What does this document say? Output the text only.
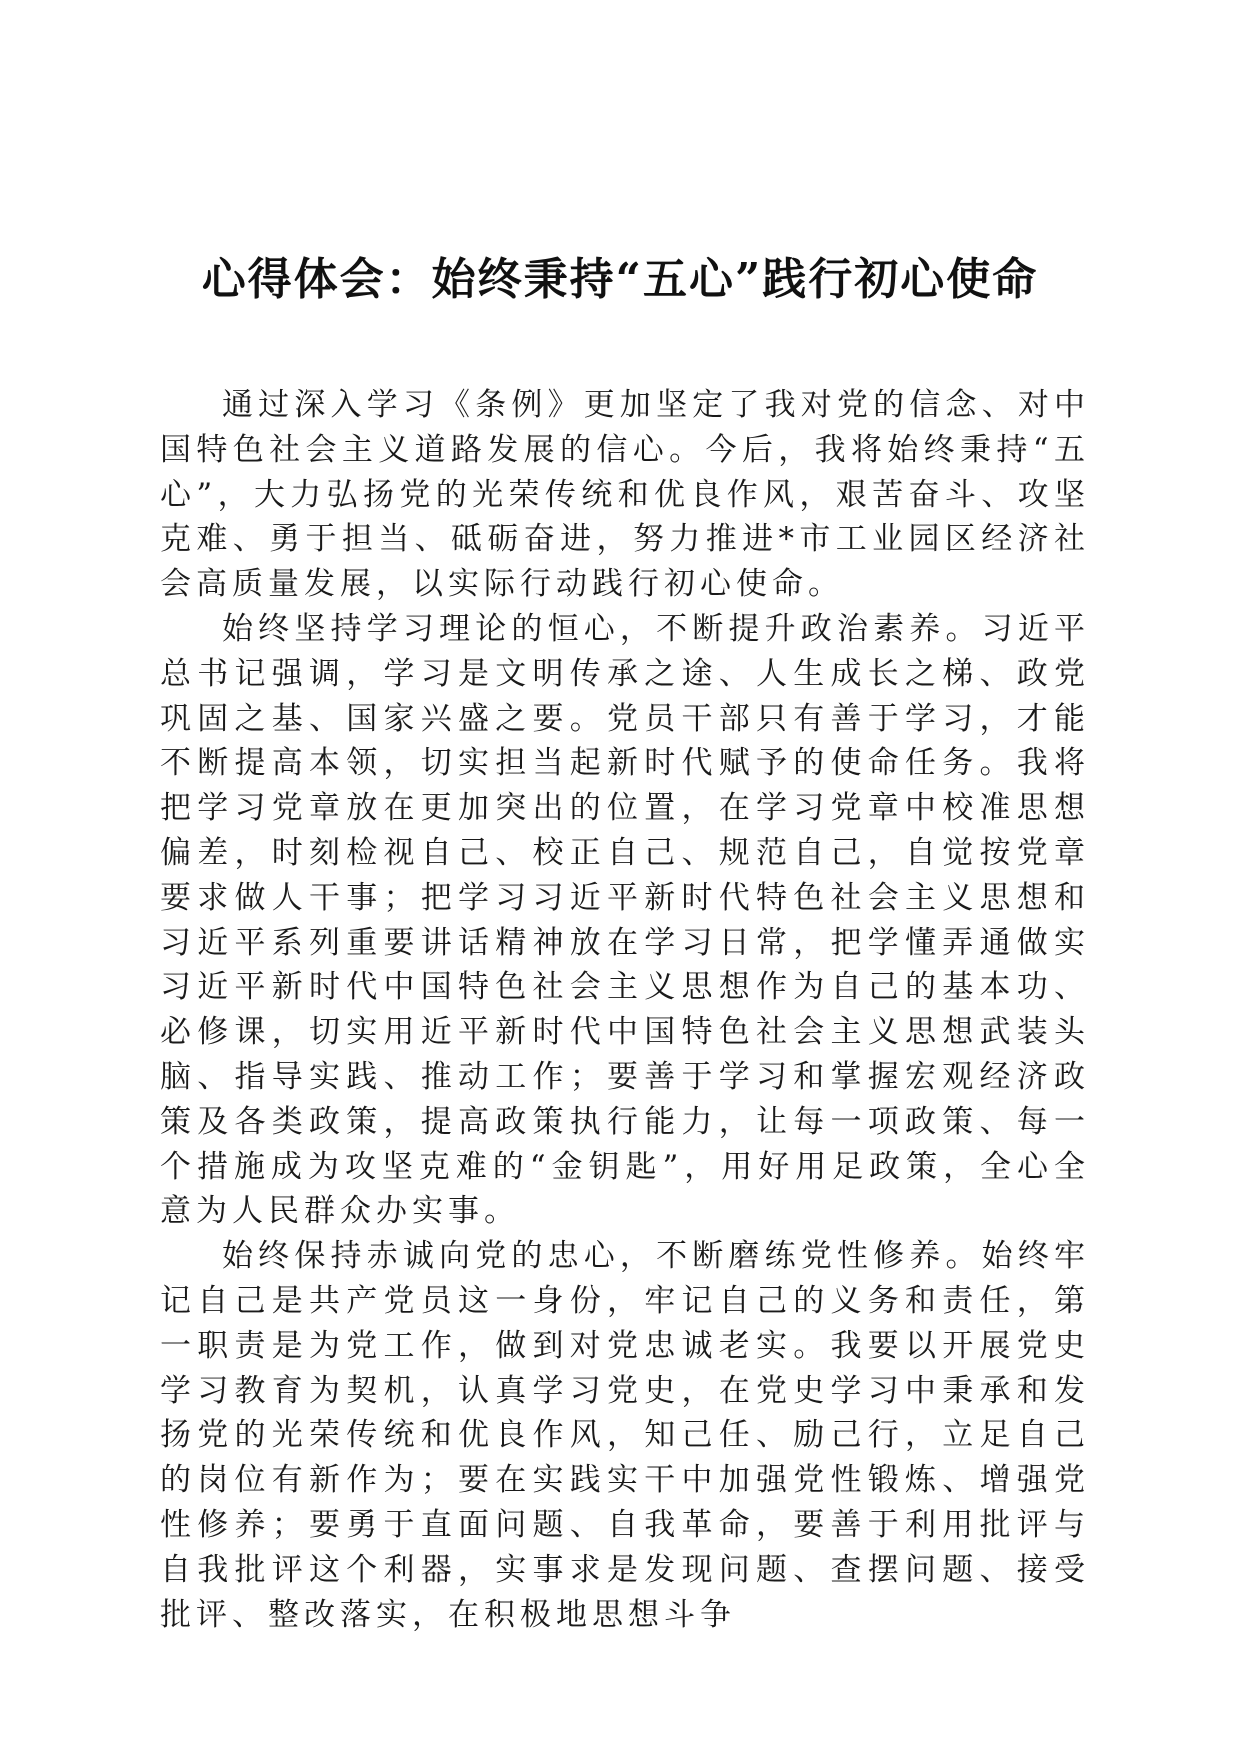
心得体会：始终秉持“五心”践行初心使命

通过深入学习《条例》更加坚定了我对党的信念、对中国特色社会主义道路发展的信心。今后，我将始终秉持“五心”，大力弘扬党的光荣传统和优良作风，艰苦奋斗、攻坚克难、勇于担当、砥砺奋进，努力推进*市工业园区经济社会高质量发展，以实际行动践行初心使命。

始终坚持学习理论的恒心，不断提升政治素养。习近平总书记强调，学习是文明传承之途、人生成长之梯、政党巩固之基、国家兴盛之要。党员干部只有善于学习，才能不断提高本领，切实担当起新时代赋予的使命任务。我将把学习党章放在更加突出的位置，在学习党章中校准思想偏差，时刻检视自己、校正自己、规范自己，自觉按党章要求做人干事；把学习习近平新时代特色社会主义思想和习近平系列重要讲话精神放在学习日常，把学懂弄通做实习近平新时代中国特色社会主义思想作为自己的基本功、必修课，切实用近平新时代中国特色社会主义思想武装头脑、指导实践、推动工作；要善于学习和掌握宏观经济政策及各类政策，提高政策执行能力，让每一项政策、每一个措施成为攻坚克难的“金钥匙”，用好用足政策，全心全意为人民群众办实事。

始终保持赤诚向党的忠心，不断磨练党性修养。始终牢记自己是共产党员这一身份，牢记自己的义务和责任，第一职责是为党工作，做到对党忠诚老实。我要以开展党史学习教育为契机，认真学习党史，在党史学习中秉承和发扬党的光荣传统和优良作风，知己任、励己行，立足自己的岗位有新作为；要在实践实干中加强党性锻炼、增强党性修养；要勇于直面问题、自我革命，要善于利用批评与自我批评这个利器，实事求是发现问题、查摆问题、接受批评、整改落实，在积极地思想斗争
